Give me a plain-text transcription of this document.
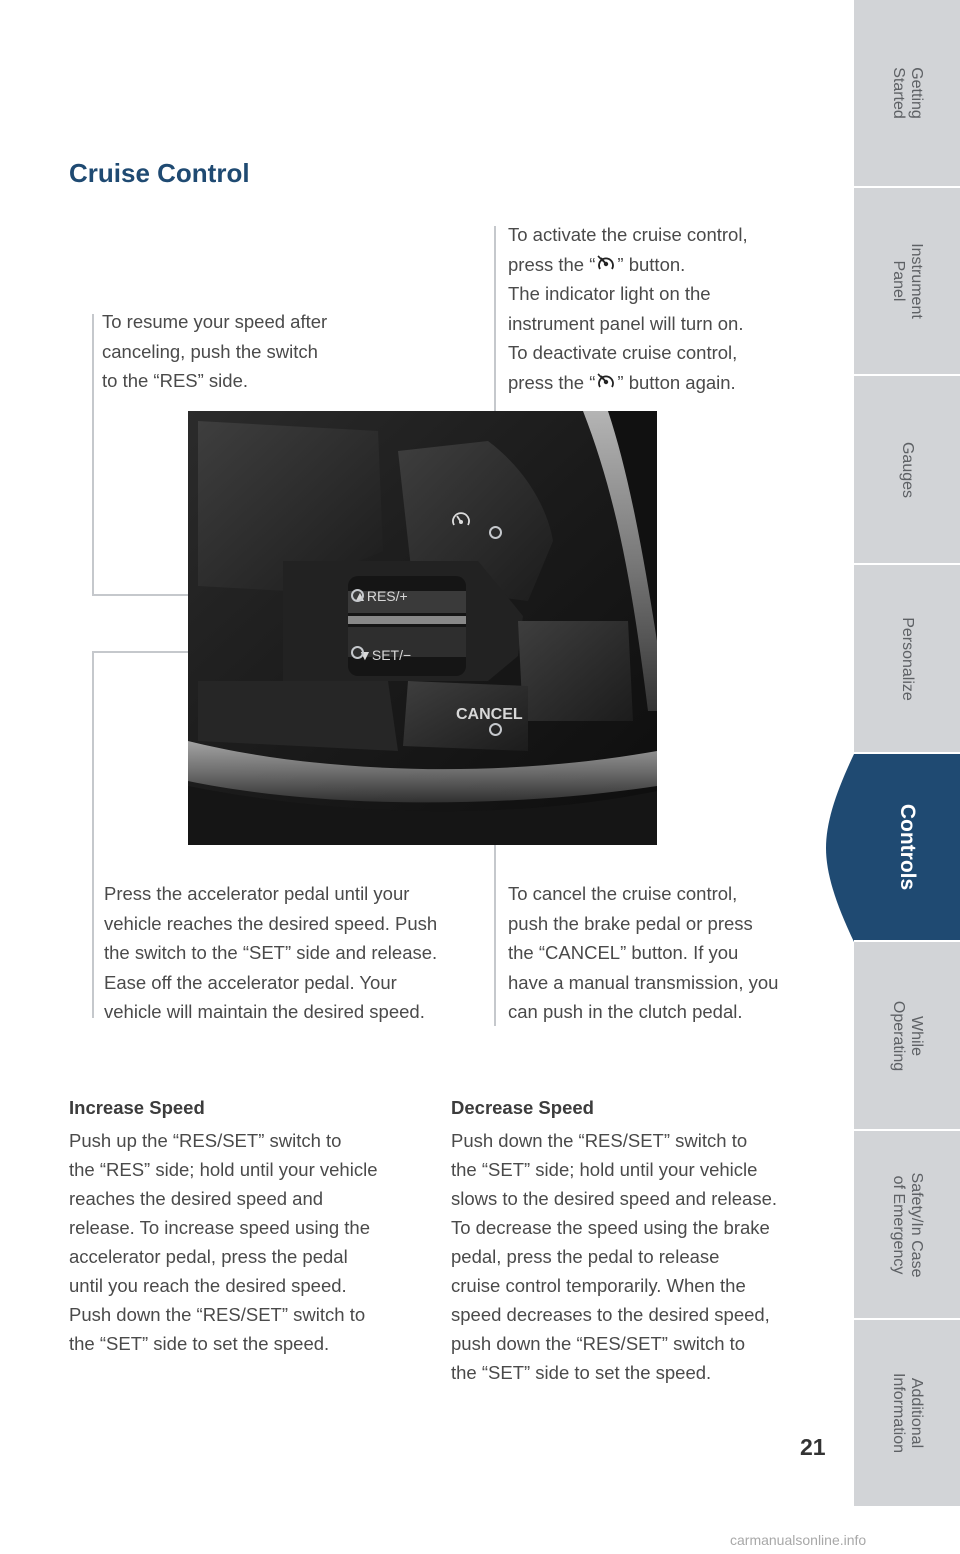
Cruise Control
To resume your speed after
canceling, push the switch
to the “RES” side.
To activate the cruise control,
press the “ ” button.
The indicator light on the
instrument panel will turn on.
To deactivate cruise control,
press the “ ” button again.
▲RES/+
▼SET/−
CANCEL
Press the accelerator pedal until your
vehicle reaches the desired speed. Push
the switch to the “SET” side and release.
Ease off the accelerator pedal. Your
vehicle will maintain the desired speed.
To cancel the cruise control,
push the brake pedal or press
the “CANCEL” button. If you
have a manual transmission, you
can push in the clutch pedal.
Increase Speed
Push up the “RES/SET” switch to
the “RES” side; hold until your vehicle
reaches the desired speed and
release. To increase speed using the
accelerator pedal, press the pedal
until you reach the desired speed.
Push down the “RES/SET” switch to
the “SET” side to set the speed.
Decrease Speed
Push down the “RES/SET” switch to
the “SET” side; hold until your vehicle
slows to the desired speed and release.
To decrease the speed using the brake
pedal, press the pedal to release
cruise control temporarily. When the
speed decreases to the desired speed,
push down the “RES/SET” switch to
the “SET” side to set the speed.
Getting
Started
Instrument
Panel
Gauges
Personalize
Controls
While
Operating
Safety/In Case
of Emergency
Additional
Information
21
carmanualsonline.info
